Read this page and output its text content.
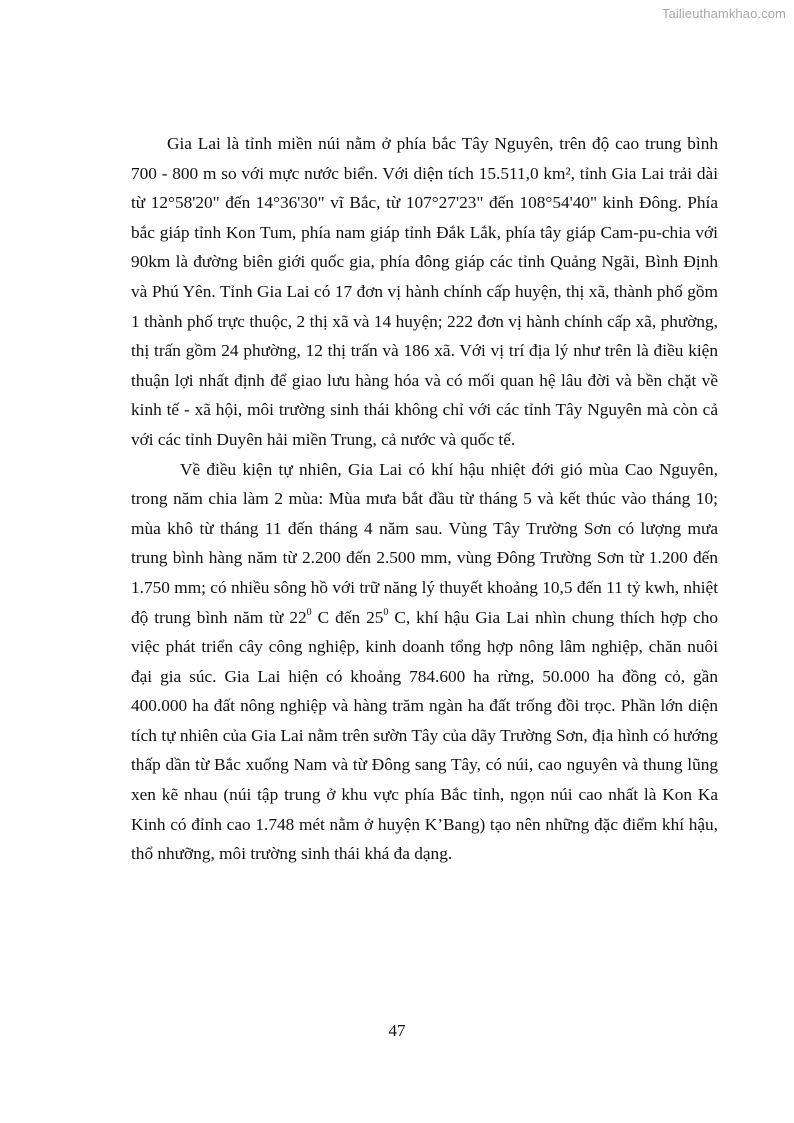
Tailieuthamkhao.com

Gia Lai là tỉnh miền núi nằm ở phía bắc Tây Nguyên, trên độ cao trung bình 700 - 800 m so với mực nước biển. Với diện tích 15.511,0 km², tỉnh Gia Lai trải dài từ 12°58'20" đến 14°36'30" vĩ Bắc, từ 107°27'23" đến 108°54'40" kinh Đông. Phía bắc giáp tỉnh Kon Tum, phía nam giáp tỉnh Đắk Lắk, phía tây giáp Cam-pu-chia với 90km là đường biên giới quốc gia, phía đông giáp các tỉnh Quảng Ngãi, Bình Định và Phú Yên. Tỉnh Gia Lai có 17 đơn vị hành chính cấp huyện, thị xã, thành phố gồm 1 thành phố trực thuộc, 2 thị xã và 14 huyện; 222 đơn vị hành chính cấp xã, phường, thị trấn gồm 24 phường, 12 thị trấn và 186 xã. Với vị trí địa lý như trên là điều kiện thuận lợi nhất định để giao lưu hàng hóa và có mối quan hệ lâu đời và bền chặt về kinh tế - xã hội, môi trường sinh thái không chỉ với các tỉnh Tây Nguyên mà còn cả với các tỉnh Duyên hải miền Trung, cả nước và quốc tế.

Về điều kiện tự nhiên, Gia Lai có khí hậu nhiệt đới gió mùa Cao Nguyên, trong năm chia làm 2 mùa: Mùa mưa bắt đầu từ tháng 5 và kết thúc vào tháng 10; mùa khô từ tháng 11 đến tháng 4 năm sau. Vùng Tây Trường Sơn có lượng mưa trung bình hàng năm từ 2.200 đến 2.500 mm, vùng Đông Trường Sơn từ 1.200 đến 1.750 mm; có nhiều sông hồ với trữ năng lý thuyết khoảng 10,5 đến 11 tỷ kwh, nhiệt độ trung bình năm từ $22^0$ C đến $25^0$ C, khí hậu Gia Lai nhìn chung thích hợp cho việc phát triển cây công nghiệp, kinh doanh tổng hợp nông lâm nghiệp, chăn nuôi đại gia súc. Gia Lai hiện có khoảng 784.600 ha rừng, 50.000 ha đồng cỏ, gần 400.000 ha đất nông nghiệp và hàng trăm ngàn ha đất trống đồi trọc. Phần lớn diện tích tự nhiên của Gia Lai nằm trên sườn Tây của dãy Trường Sơn, địa hình có hướng thấp dần từ Bắc xuống Nam và từ Đông sang Tây, có núi, cao nguyên và thung lũng xen kẽ nhau (núi tập trung ở khu vực phía Bắc tỉnh, ngọn núi cao nhất là Kon Ka Kinh có đỉnh cao 1.748 mét nằm ở huyện K’Bang) tạo nên những đặc điểm khí hậu, thổ nhưỡng, môi trường sinh thái khá đa dạng.

47
